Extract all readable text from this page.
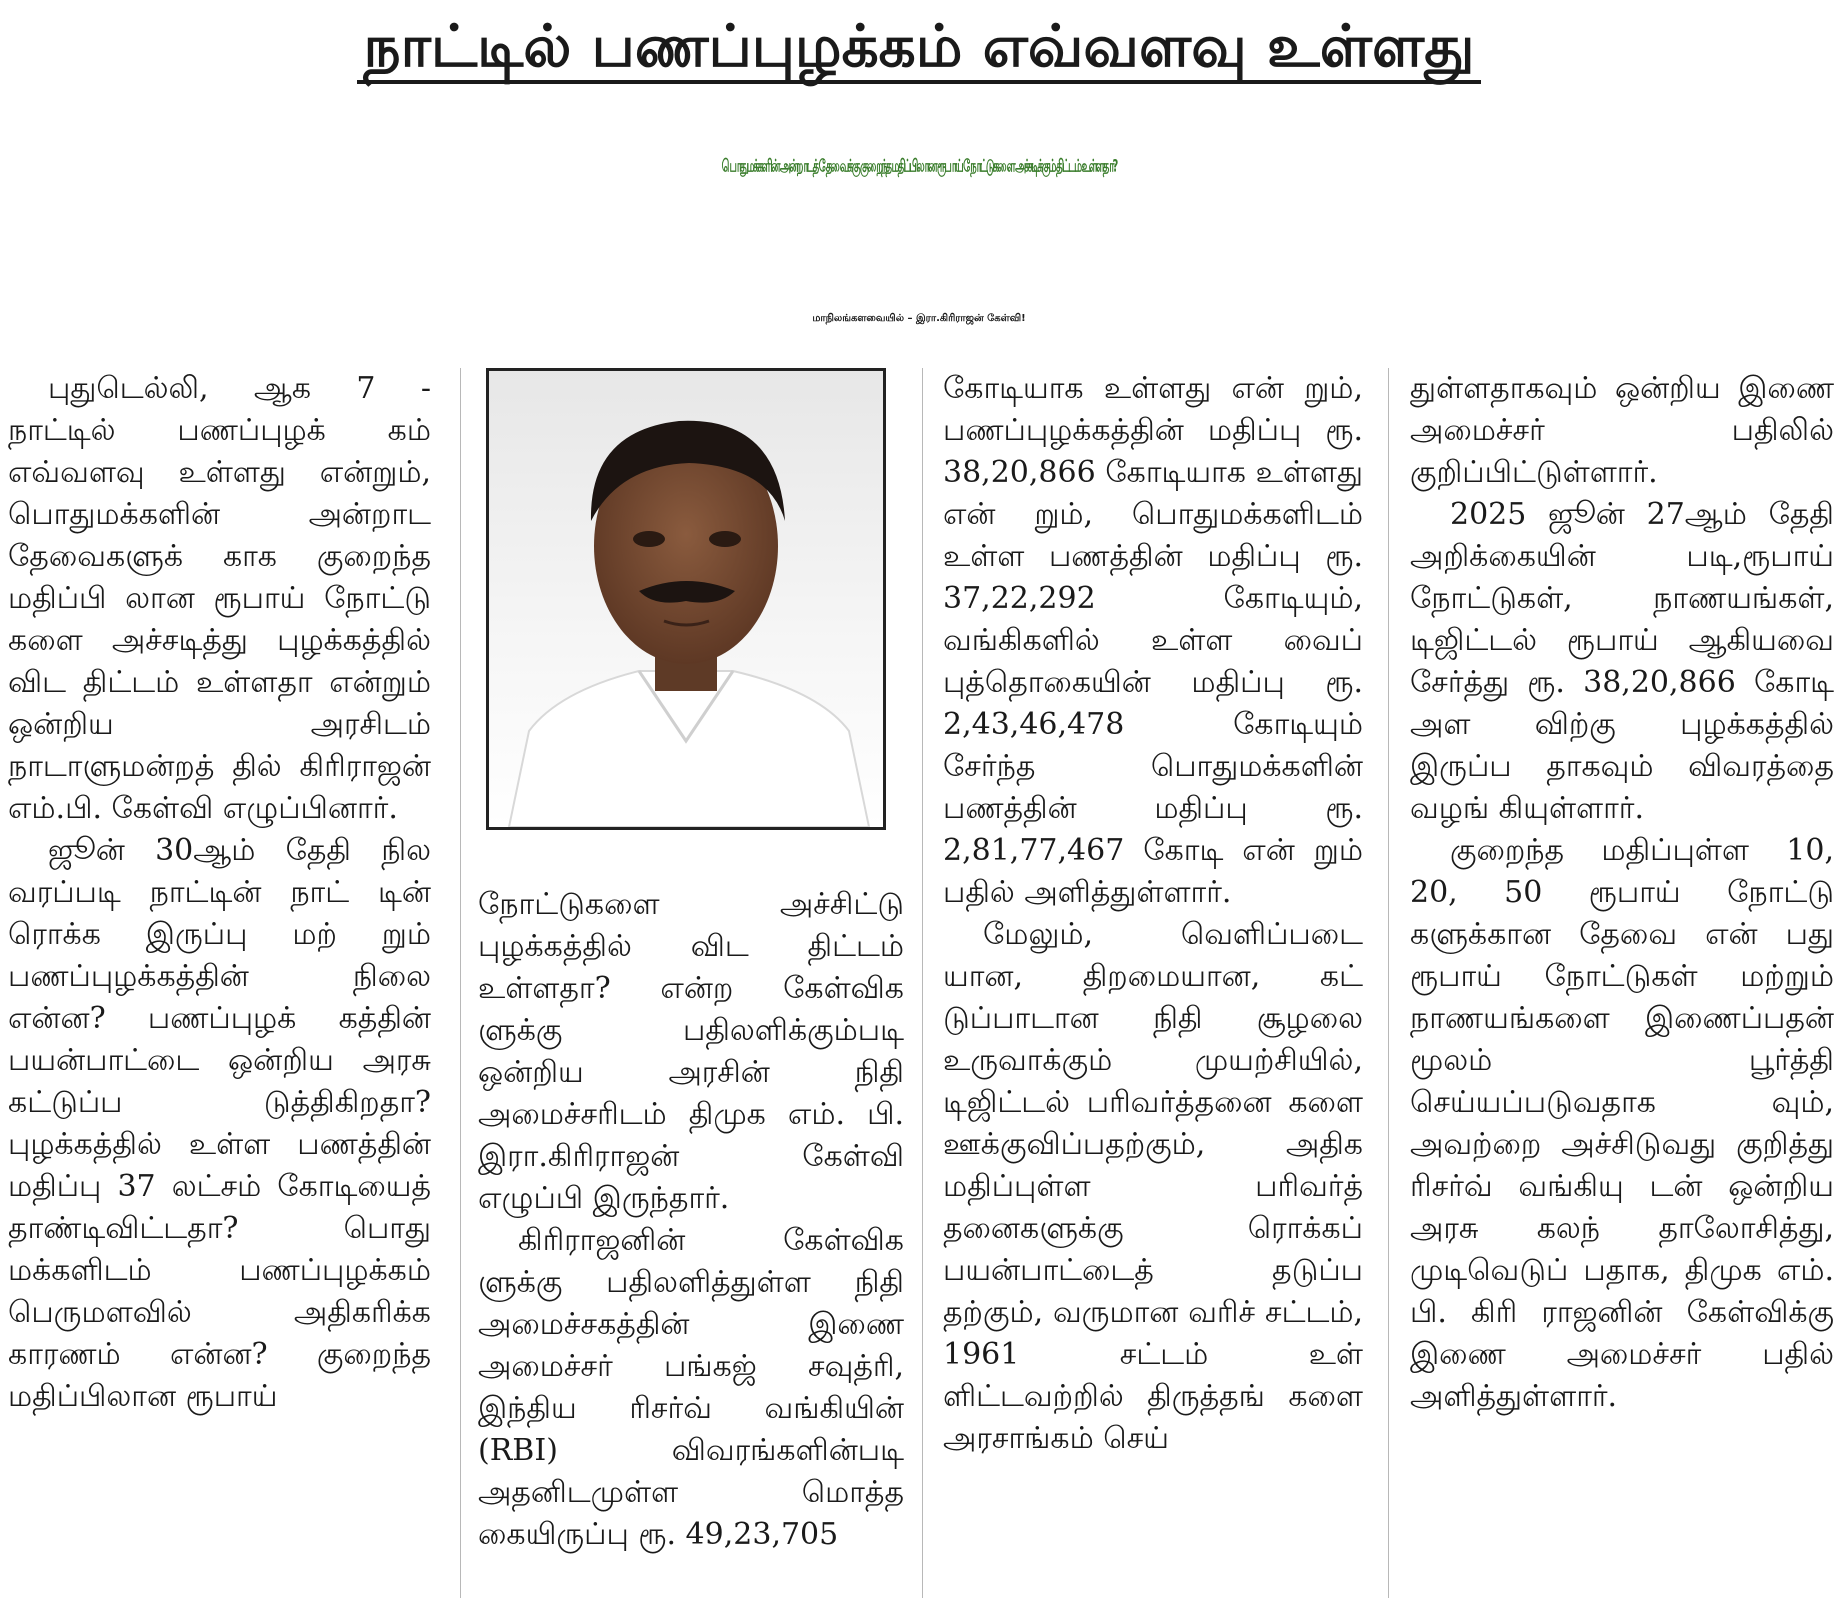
நாட்டில் பணப்புழக்கம் எவ்வளவு உள்ளது
பொதுமக்களின் அன்றாடத் தேவைக்கு குறைந்த மதிப்பிலான ரூபாய் நோட்டுகளை அச்சடிக்கும் திட்டம் உள்ளதா?
மாநிலங்களவையில் – இரா.கிரிராஜன் கேள்வி!

புதுடெல்லி, ஆக 7 - நாட்டில் பணப்புழக் கம் எவ்வளவு உள்ளது என்றும், பொதுமக்களின் அன்றாட தேவைகளுக் காக குறைந்த மதிப்பி லான ரூபாய் நோட்டு களை அச்சடித்து புழக்கத்தில் விட திட்டம் உள்ளதா என்றும் ஒன்றிய அரசிடம் நாடாளுமன்றத் தில் கிரிராஜன் எம்.பி. கேள்வி எழுப்பினார்.

ஜூன் 30ஆம் தேதி நில வரப்படி நாட்டின் நாட் டின் ரொக்க இருப்பு மற் றும் பணப்புழக்கத்தின் நிலை என்ன? பணப்புழக் கத்தின் பயன்பாட்டை ஒன்றிய அரசு கட்டுப்ப டுத்திகிறதா? புழக்கத்தில் உள்ள பணத்தின் மதிப்பு 37 லட்சம் கோடியைத் தாண்டிவிட்டதா? பொது மக்களிடம் பணப்புழக்கம் பெருமளவில் அதிகரிக்க காரணம் என்ன? குறைந்த மதிப்பிலான ரூபாய்

நோட்டுகளை அச்சிட்டு புழக்கத்தில் விட திட்டம் உள்ளதா? என்ற கேள்விக ளுக்கு பதிலளிக்கும்படி ஒன்றிய அரசின் நிதி அமைச்சரிடம் திமுக எம். பி. இரா.கிரிராஜன் கேள்வி எழுப்பி இருந்தார்.

கிரிராஜனின் கேள்விக ளுக்கு பதிலளித்துள்ள நிதி அமைச்சகத்தின் இணை அமைச்சர் பங்கஜ் சவுத்ரி, இந்திய ரிசர்வ் வங்கியின் (RBI) விவரங்களின்படி அதனிடமுள்ள மொத்த கையிருப்பு ரூ. 49,23,705

கோடியாக உள்ளது என் றும், பணப்புழக்கத்தின் மதிப்பு ரூ. 38,20,866 கோடியாக உள்ளது என் றும், பொதுமக்களிடம் உள்ள பணத்தின் மதிப்பு ரூ. 37,22,292 கோடியும், வங்கிகளில் உள்ள வைப் புத்தொகையின் மதிப்பு ரூ. 2,43,46,478 கோடியும் சேர்ந்த பொதுமக்களின் பணத்தின் மதிப்பு ரூ. 2,81,77,467 கோடி என் றும் பதில் அளித்துள்ளார்.

மேலும், வெளிப்படை யான, திறமையான, கட் டுப்பாடான நிதி சூழலை உருவாக்கும் முயற்சியில், டிஜிட்டல் பரிவர்த்தனை களை ஊக்குவிப்பதற்கும், அதிக மதிப்புள்ள பரிவர்த் தனைகளுக்கு ரொக்கப் பயன்பாட்டைத் தடுப்ப தற்கும், வருமான வரிச் சட்டம், 1961 சட்டம் உள் ளிட்டவற்றில் திருத்தங் களை அரசாங்கம் செய்

துள்ளதாகவும் ஒன்றிய இணை அமைச்சர் பதிலில் குறிப்பிட்டுள்ளார்.

2025 ஜூன் 27ஆம் தேதி அறிக்கையின் படி,ரூபாய் நோட்டுகள், நாணயங்கள், டிஜிட்டல் ரூபாய் ஆகியவை சேர்த்து ரூ. 38,20,866 கோடி அள விற்கு புழக்கத்தில் இருப்ப தாகவும் விவரத்தை வழங் கியுள்ளார்.

குறைந்த மதிப்புள்ள 10, 20, 50 ரூபாய் நோட்டு களுக்கான தேவை என் பது ரூபாய் நோட்டுகள் மற்றும் நாணயங்களை இணைப்பதன் மூலம் பூர்த்தி செய்யப்படுவதாக வும், அவற்றை அச்சிடுவது குறித்து ரிசர்வ் வங்கியு டன் ஒன்றிய அரசு கலந் தாலோசித்து, முடிவெடுப் பதாக, திமுக எம். பி. கிரி ராஜனின் கேள்விக்கு இணை அமைச்சர் பதில் அளித்துள்ளார்.
